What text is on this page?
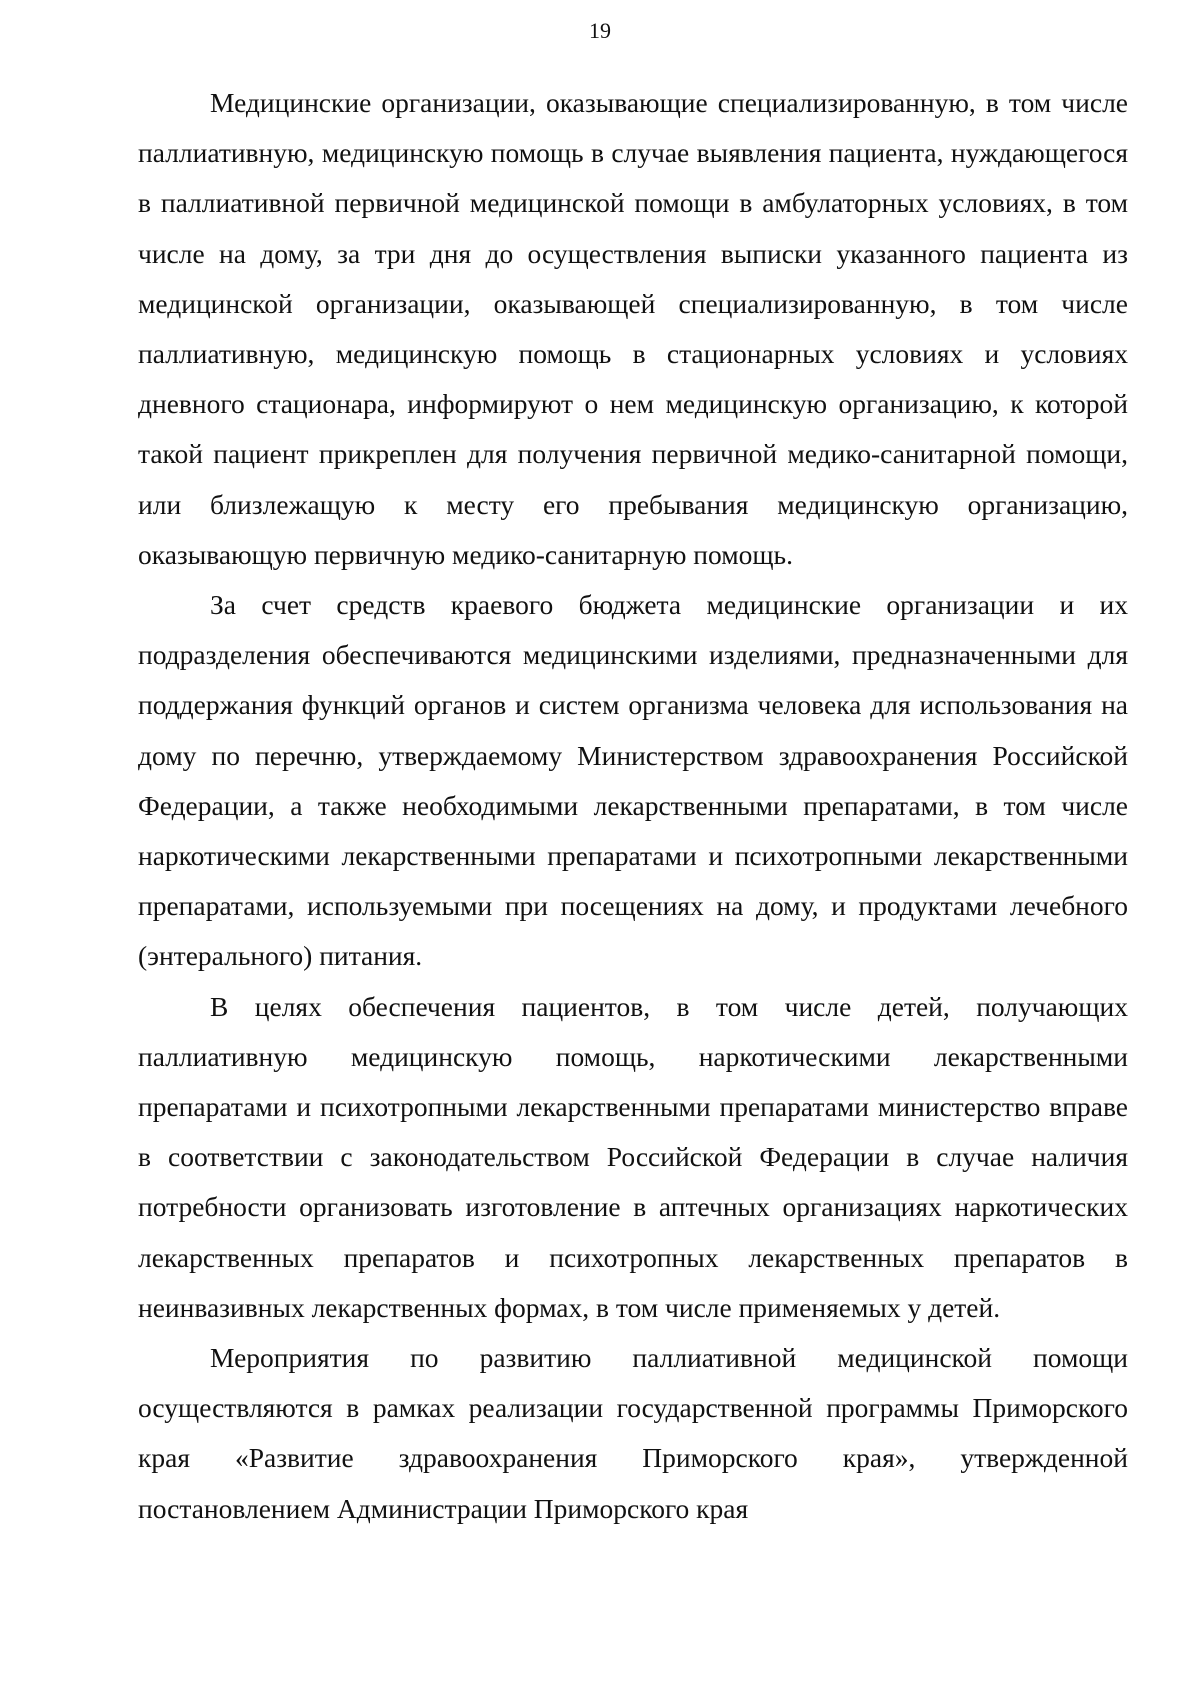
19

Медицинские организации, оказывающие специализированную, в том числе паллиативную, медицинскую помощь в случае выявления пациента, нуждающегося в паллиативной первичной медицинской помощи в амбулаторных условиях, в том числе на дому, за три дня до осуществления выписки указанного пациента из медицинской организации, оказывающей специализированную, в том числе паллиативную, медицинскую помощь в стационарных условиях и условиях дневного стационара, информируют о нем медицинскую организацию, к которой такой пациент прикреплен для получения первичной медико-санитарной помощи, или близлежащую к месту его пребывания медицинскую организацию, оказывающую первичную медико-санитарную помощь.

За счет средств краевого бюджета медицинские организации и их подразделения обеспечиваются медицинскими изделиями, предназначенными для поддержания функций органов и систем организма человека для использования на дому по перечню, утверждаемому Министерством здравоохранения Российской Федерации, а также необходимыми лекарственными препаратами, в том числе наркотическими лекарственными препаратами и психотропными лекарственными препаратами, используемыми при посещениях на дому, и продуктами лечебного (энтерального) питания.

В целях обеспечения пациентов, в том числе детей, получающих паллиативную медицинскую помощь, наркотическими лекарственными препаратами и психотропными лекарственными препаратами министерство вправе в соответствии с законодательством Российской Федерации в случае наличия потребности организовать изготовление в аптечных организациях наркотических лекарственных препаратов и психотропных лекарственных препаратов в неинвазивных лекарственных формах, в том числе применяемых у детей.

Мероприятия по развитию паллиативной медицинской помощи осуществляются в рамках реализации государственной программы Приморского края «Развитие здравоохранения Приморского края», утвержденной постановлением Администрации Приморского края
